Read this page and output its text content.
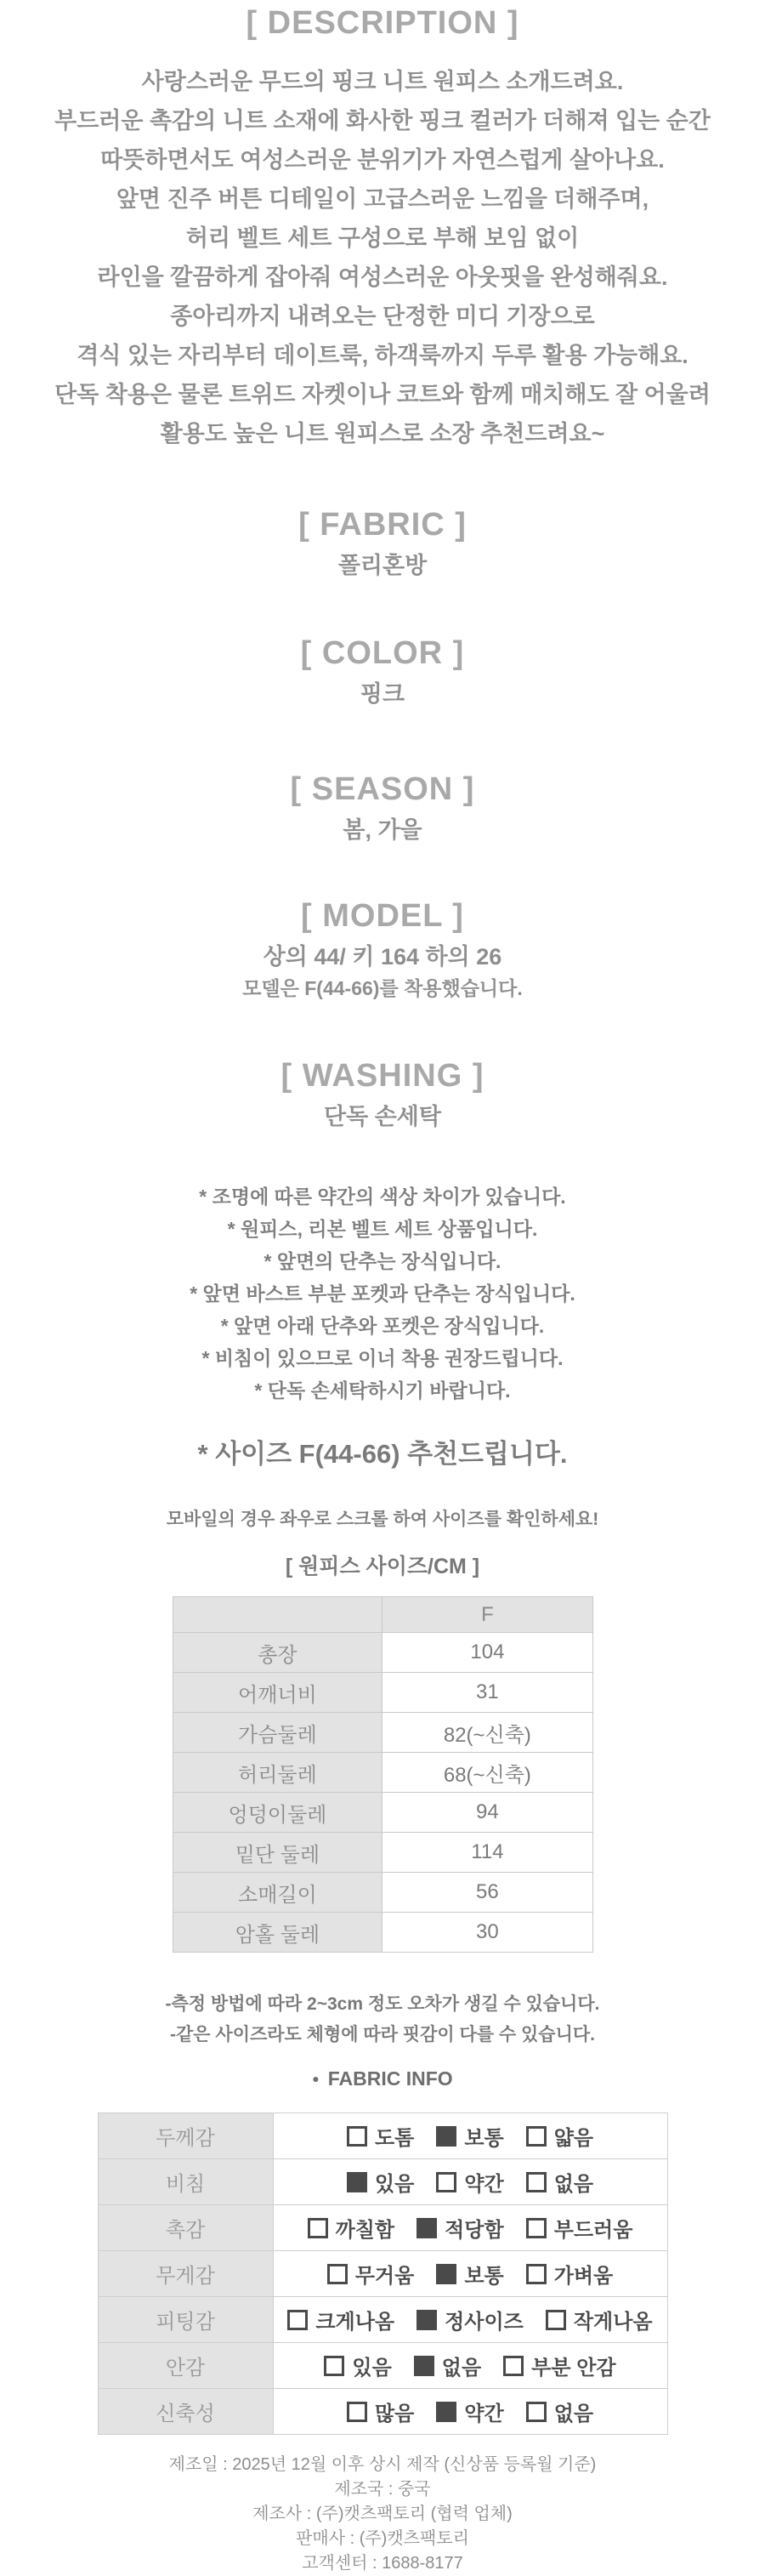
[ DESCRIPTION ]
사랑스러운 무드의 핑크 니트 원피스 소개드려요.
부드러운 촉감의 니트 소재에 화사한 핑크 컬러가 더해져 입는 순간
따뜻하면서도 여성스러운 분위기가 자연스럽게 살아나요.
앞면 진주 버튼 디테일이 고급스러운 느낌을 더해주며,
허리 벨트 세트 구성으로 부해 보임 없이
라인을 깔끔하게 잡아줘 여성스러운 아웃핏을 완성해줘요.
종아리까지 내려오는 단정한 미디 기장으로
격식 있는 자리부터 데이트룩, 하객룩까지 두루 활용 가능해요.
단독 착용은 물론 트위드 자켓이나 코트와 함께 매치해도 잘 어울려
활용도 높은 니트 원피스로 소장 추천드려요~
[ FABRIC ]
폴리혼방
[ COLOR ]
핑크
[ SEASON ]
봄, 가을
[ MODEL ]
상의 44/ 키 164 하의 26
모델은 F(44-66)를 착용했습니다.
[ WASHING ]
단독 손세탁
* 조명에 따른 약간의 색상 차이가 있습니다.
* 원피스, 리본 벨트 세트 상품입니다.
* 앞면의 단추는 장식입니다.
* 앞면 바스트 부분 포켓과 단추는 장식입니다.
* 앞면 아래 단추와 포켓은 장식입니다.
* 비침이 있으므로 이너 착용 권장드립니다.
* 단독 손세탁하시기 바랍니다.
* 사이즈 F(44-66) 추천드립니다.
모바일의 경우 좌우로 스크롤 하여 사이즈를 확인하세요!
[ 원피스 사이즈/CM ]
	F
총장	104
어깨너비	31
가슴둘레	82(~신축)
허리둘레	68(~신축)
엉덩이둘레	94
밑단 둘레	114
소매길이	56
암홀 둘레	30
-측정 방법에 따라 2~3cm 정도 오차가 생길 수 있습니다.
-같은 사이즈라도 체형에 따라 핏감이 다를 수 있습니다.
● FABRIC INFO
두께감	도톰 보통 얇음
비침	있음 약간 없음
촉감	까칠함 적당함 부드러움
무게감	무거움 보통 가벼움
피팅감	크게나옴 정사이즈 작게나옴
안감	있음 없음 부분 안감
신축성	많음 약간 없음
제조일 : 2025년 12월 이후 상시 제작 (신상품 등록월 기준)
제조국 : 중국
제조사 : (주)캣츠팩토리 (협력 업체)
판매사 : (주)캣츠팩토리
고객센터 : 1688-8177
